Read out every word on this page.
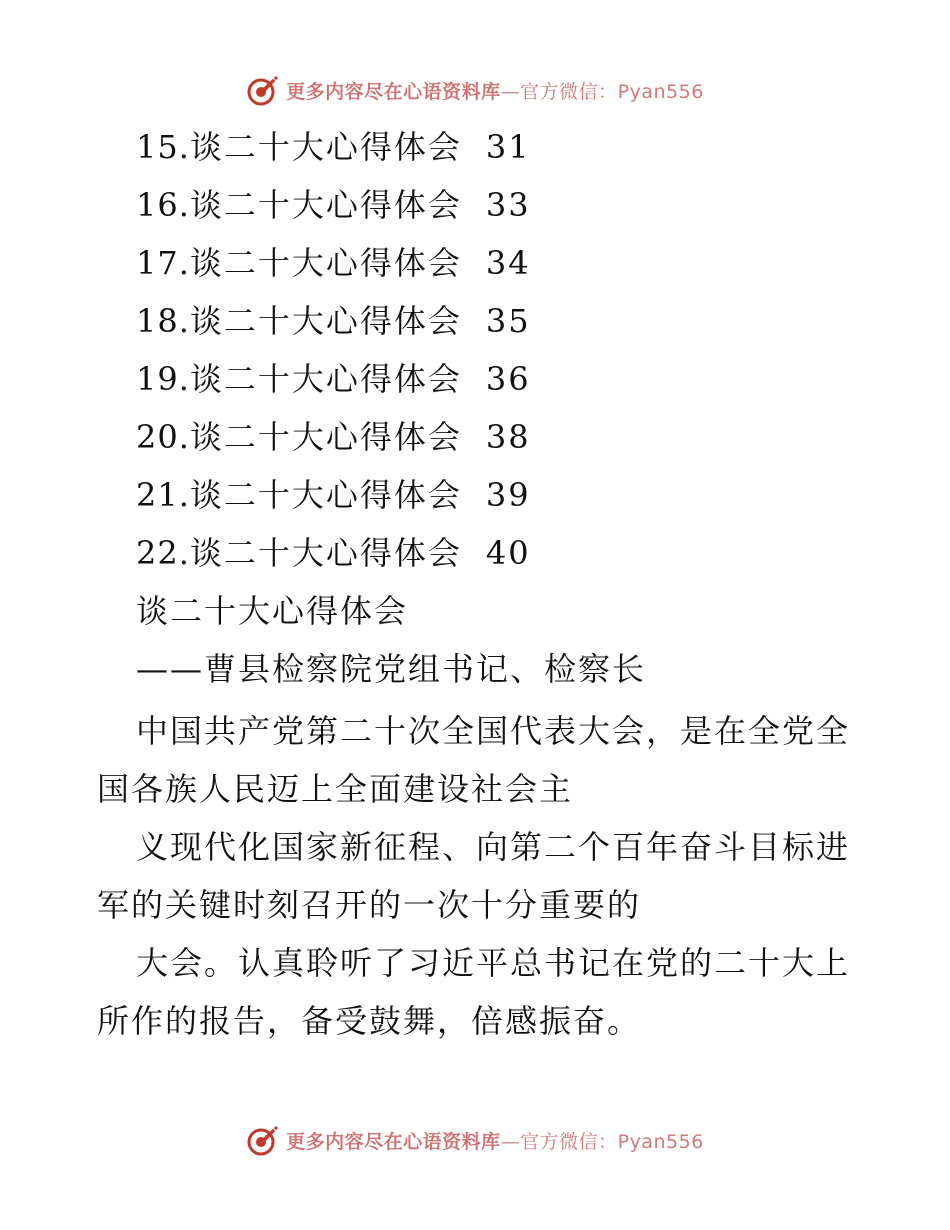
更多内容尽在心语资料库—官方微信：Pyan556
15.谈二十大心得体会 31
16.谈二十大心得体会 33
17.谈二十大心得体会 34
18.谈二十大心得体会 35
19.谈二十大心得体会 36
20.谈二十大心得体会 38
21.谈二十大心得体会 39
22.谈二十大心得体会 40
谈二十大心得体会
——曹县检察院党组书记、检察长

中国共产党第二十次全国代表大会，是在全党全国各族人民迈上全面建设社会主

义现代化国家新征程、向第二个百年奋斗目标进军的关键时刻召开的一次十分重要的

大会。认真聆听了习近平总书记在党的二十大上所作的报告，备受鼓舞，倍感振奋。

更多内容尽在心语资料库—官方微信：Pyan556
